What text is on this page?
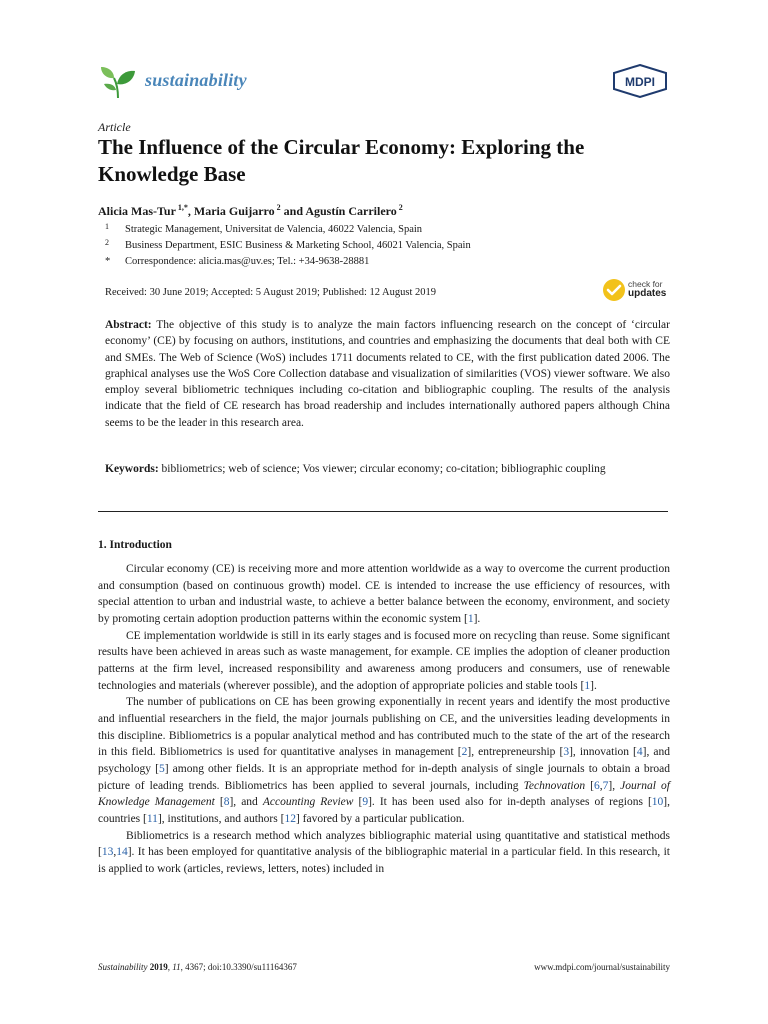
sustainability	MDPI
Article
The Influence of the Circular Economy: Exploring the Knowledge Base
Alicia Mas-Tur $^{1,*}$, Maria Guijarro $^2$ and Agustín Carrilero $^2$
1 Strategic Management, Universitat de Valencia, 46022 Valencia, Spain
2 Business Department, ESIC Business & Marketing School, 46021 Valencia, Spain
* Correspondence: alicia.mas@uv.es; Tel.: +34-9638-28881
Received: 30 June 2019; Accepted: 5 August 2019; Published: 12 August 2019
check for
updates
Abstract: The objective of this study is to analyze the main factors influencing research on the concept of ‘circular economy’ (CE) by focusing on authors, institutions, and countries and emphasizing the documents that deal both with CE and SMEs. The Web of Science (WoS) includes 1711 documents related to CE, with the first publication dated 2006. The graphical analyses use the WoS Core Collection database and visualization of similarities (VOS) viewer software. We also employ several bibliometric techniques including co-citation and bibliographic coupling. The results of the analysis indicate that the field of CE research has broad readership and includes internationally authored papers although China seems to be the leader in this research area.
Keywords: bibliometrics; web of science; Vos viewer; circular economy; co-citation; bibliographic coupling
1. Introduction

Circular economy (CE) is receiving more and more attention worldwide as a way to overcome the current production and consumption (based on continuous growth) model. CE is intended to increase the use efficiency of resources, with special attention to urban and industrial waste, to achieve a better balance between the economy, environment, and society by promoting certain adoption production patterns within the economic system [1].

CE implementation worldwide is still in its early stages and is focused more on recycling than reuse. Some significant results have been achieved in areas such as waste management, for example. CE implies the adoption of cleaner production patterns at the firm level, increased responsibility and awareness among producers and consumers, use of renewable technologies and materials (wherever possible), and the adoption of appropriate policies and stable tools [1].

The number of publications on CE has been growing exponentially in recent years and identify the most productive and influential researchers in the field, the major journals publishing on CE, and the universities leading developments in this discipline. Bibliometrics is a popular analytical method and has contributed much to the state of the art of the research in this field. Bibliometrics is used for quantitative analyses in management [2], entrepreneurship [3], innovation [4], and psychology [5] among other fields. It is an appropriate method for in-depth analysis of single journals to obtain a broad picture of leading trends. Bibliometrics has been applied to several journals, including Technovation [6,7], Journal of Knowledge Management [8], and Accounting Review [9]. It has been used also for in-depth analyses of regions [10], countries [11], institutions, and authors [12] favored by a particular publication.

Bibliometrics is a research method which analyzes bibliographic material using quantitative and statistical methods [13,14]. It has been employed for quantitative analysis of the bibliographic material in a particular field. In this research, it is applied to work (articles, reviews, letters, notes) included in

Sustainability 2019, 11, 4367; doi:10.3390/su11164367	www.mdpi.com/journal/sustainability
